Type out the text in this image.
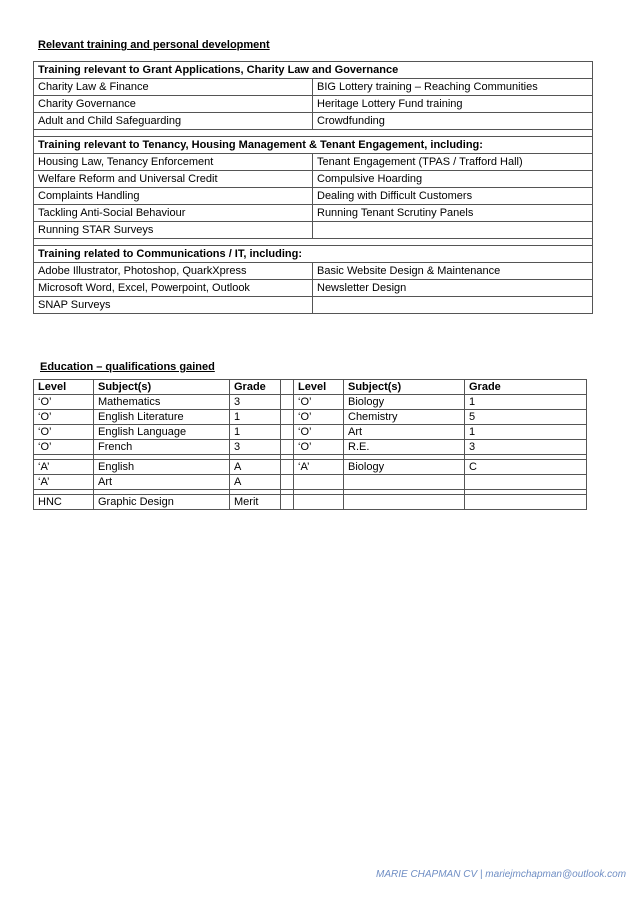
Relevant training and personal development
Training relevant to Grant Applications, Charity Law and Governance	
Charity Law & Finance	BIG Lottery training – Reaching Communities
Charity Governance	Heritage Lottery Fund training
Adult and Child Safeguarding	Crowdfunding

Training relevant to Tenancy, Housing Management & Tenant Engagement, including:	
Housing Law, Tenancy Enforcement	Tenant Engagement (TPAS / Trafford Hall)
Welfare Reform and Universal Credit	Compulsive Hoarding
Complaints Handling	Dealing with Difficult Customers
Tackling Anti-Social Behaviour	Running Tenant Scrutiny Panels
Running STAR Surveys	

Training related to Communications / IT, including:	
Adobe Illustrator, Photoshop, QuarkXpress	Basic Website Design & Maintenance
Microsoft Word, Excel, Powerpoint, Outlook	Newsletter Design
SNAP Surveys	
Education – qualifications gained
Level	Subject(s)	Grade		Level	Subject(s)	Grade
‘O’	Mathematics	3		‘O’	Biology	1
‘O’	English Literature	1		‘O’	Chemistry	5
‘O’	English Language	1		‘O’	Art	1
‘O’	French	3		‘O’	R.E.	3

‘A’	English	A		‘A’	Biology	C
‘A’	Art	A				

HNC	Graphic Design	Merit				
MARIE CHAPMAN CV | mariejmchapman@outlook.com
